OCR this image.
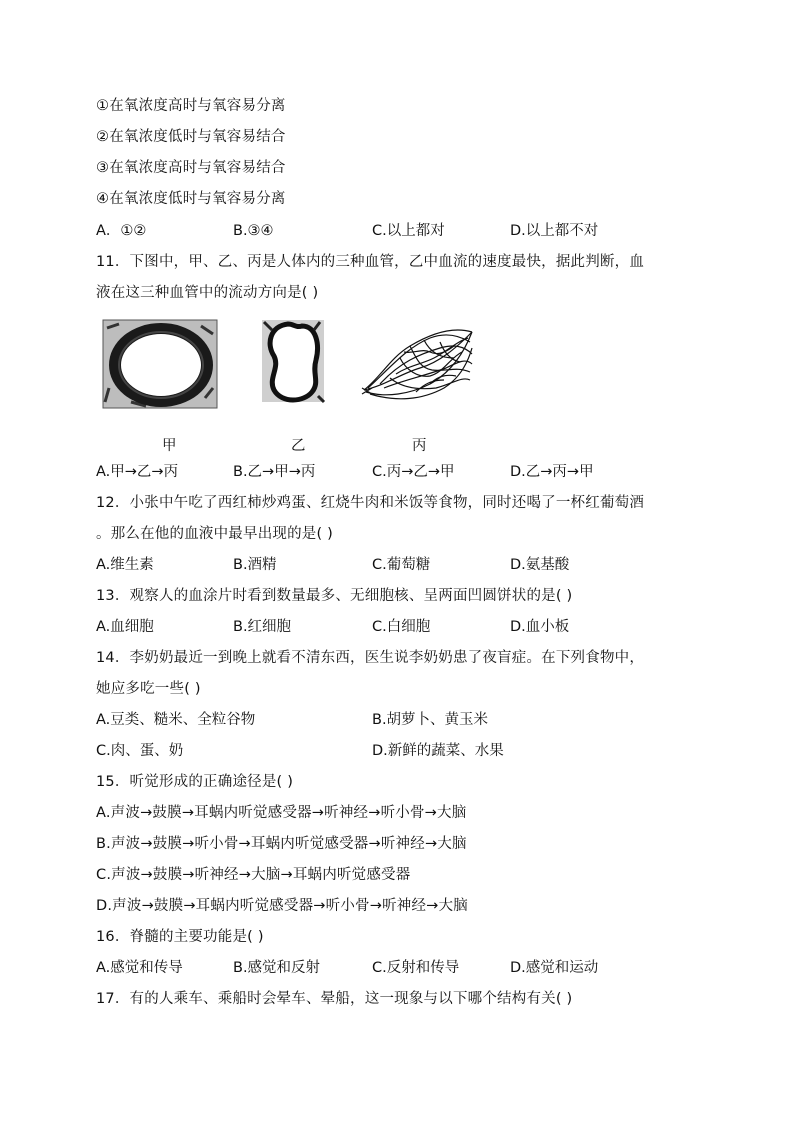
①在氧浓度高时与氧容易分离
②在氧浓度低时与氧容易结合
③在氧浓度高时与氧容易结合
④在氧浓度低时与氧容易分离
A．①②	B.③④	C.以上都对	D.以上都不对
11．下图中，甲、乙、丙是人体内的三种血管，乙中血流的速度最快，据此判断，血
液在这三种血管中的流动方向是( )
甲	乙	丙
A.甲→乙→丙	B.乙→甲→丙	C.丙→乙→甲	D.乙→丙→甲
12．小张中午吃了西红柿炒鸡蛋、红烧牛肉和米饭等食物，同时还喝了一杯红葡萄酒
。那么在他的血液中最早出现的是( )
A.维生素	B.酒精	C.葡萄糖	D.氨基酸
13．观察人的血涂片时看到数量最多、无细胞核、呈两面凹圆饼状的是( )
A.血细胞	B.红细胞	C.白细胞	D.血小板
14．李奶奶最近一到晚上就看不清东西，医生说李奶奶患了夜盲症。在下列食物中，
她应多吃一些( )
A.豆类、糙米、全粒谷物	B.胡萝卜、黄玉米
C.肉、蛋、奶	D.新鲜的蔬菜、水果
15．听觉形成的正确途径是( )
A.声波→鼓膜→耳蜗内听觉感受器→听神经→听小骨→大脑
B.声波→鼓膜→听小骨→耳蜗内听觉感受器→听神经→大脑
C.声波→鼓膜→听神经→大脑→耳蜗内听觉感受器
D.声波→鼓膜→耳蜗内听觉感受器→听小骨→听神经→大脑
16．脊髓的主要功能是( )
A.感觉和传导	B.感觉和反射	C.反射和传导	D.感觉和运动
17．有的人乘车、乘船时会晕车、晕船，这一现象与以下哪个结构有关( )
